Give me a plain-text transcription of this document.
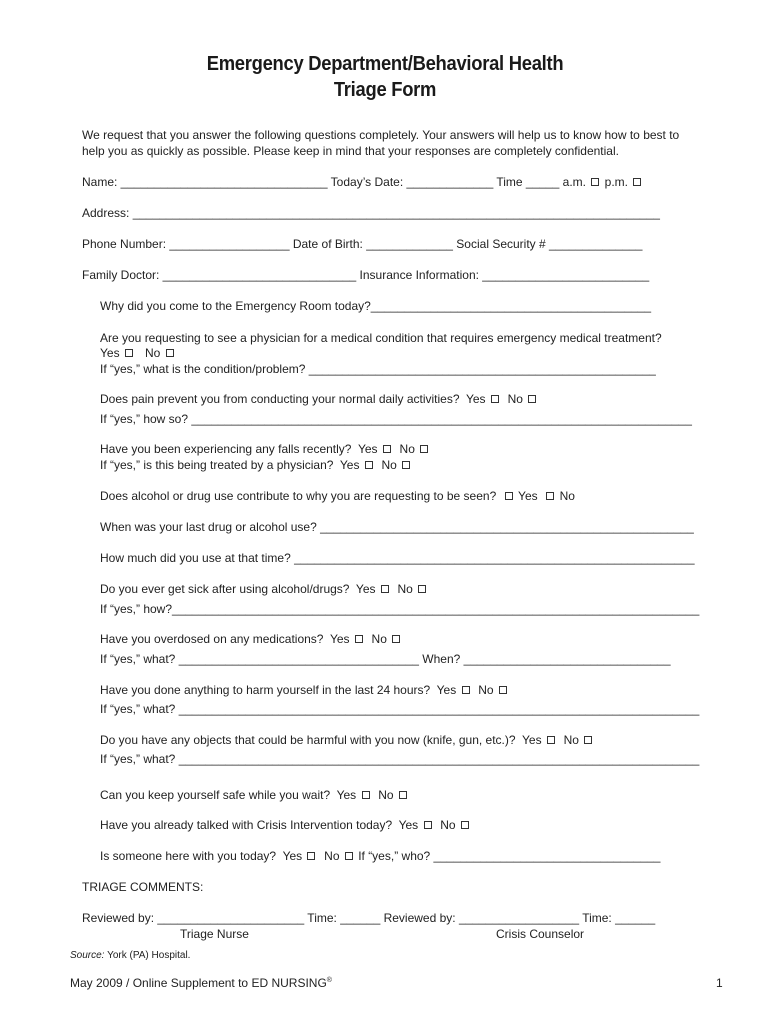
Emergency Department/Behavioral Health
Triage Form
We request that you answer the following questions completely. Your answers will help us to know how to best to
help you as quickly as possible. Please keep in mind that your responses are completely confidential.
Name: _______________________________ Today’s Date: _____________ Time _____ a.m. p.m.
Address: _______________________________________________________________________________
Phone Number: __________________ Date of Birth: _____________ Social Security # ______________
Family Doctor: _____________________________ Insurance Information: _________________________
Why did you come to the Emergency Room today?__________________________________________
Are you requesting to see a physician for a medical condition that requires emergency medical treatment?
Yes No
If “yes,” what is the condition/problem? ____________________________________________________
Does pain prevent you from conducting your normal daily activities? Yes No
If “yes,” how so? ___________________________________________________________________________
Have you been experiencing any falls recently? Yes No
If “yes,” is this being treated by a physician? Yes No
Does alcohol or drug use contribute to why you are requesting to be seen? Yes No
When was your last drug or alcohol use? ________________________________________________________
How much did you use at that time? ____________________________________________________________
Do you ever get sick after using alcohol/drugs? Yes No
If “yes,” how?_______________________________________________________________________________
Have you overdosed on any medications? Yes No
If “yes,” what? ____________________________________ When? _______________________________
Have you done anything to harm yourself in the last 24 hours? Yes No
If “yes,” what? ______________________________________________________________________________
Do you have any objects that could be harmful with you now (knife, gun, etc.)? Yes No
If “yes,” what? ______________________________________________________________________________
Can you keep yourself safe while you wait? Yes No
Have you already talked with Crisis Intervention today? Yes No
Is someone here with you today? Yes No If “yes,” who? __________________________________
TRIAGE COMMENTS:
Reviewed by: ______________________ Time: ______ Reviewed by: __________________ Time: ______
Triage Nurse	Crisis Counselor
Source: York (PA) Hospital.
May 2009 / Online Supplement to ED NURSING®	1
